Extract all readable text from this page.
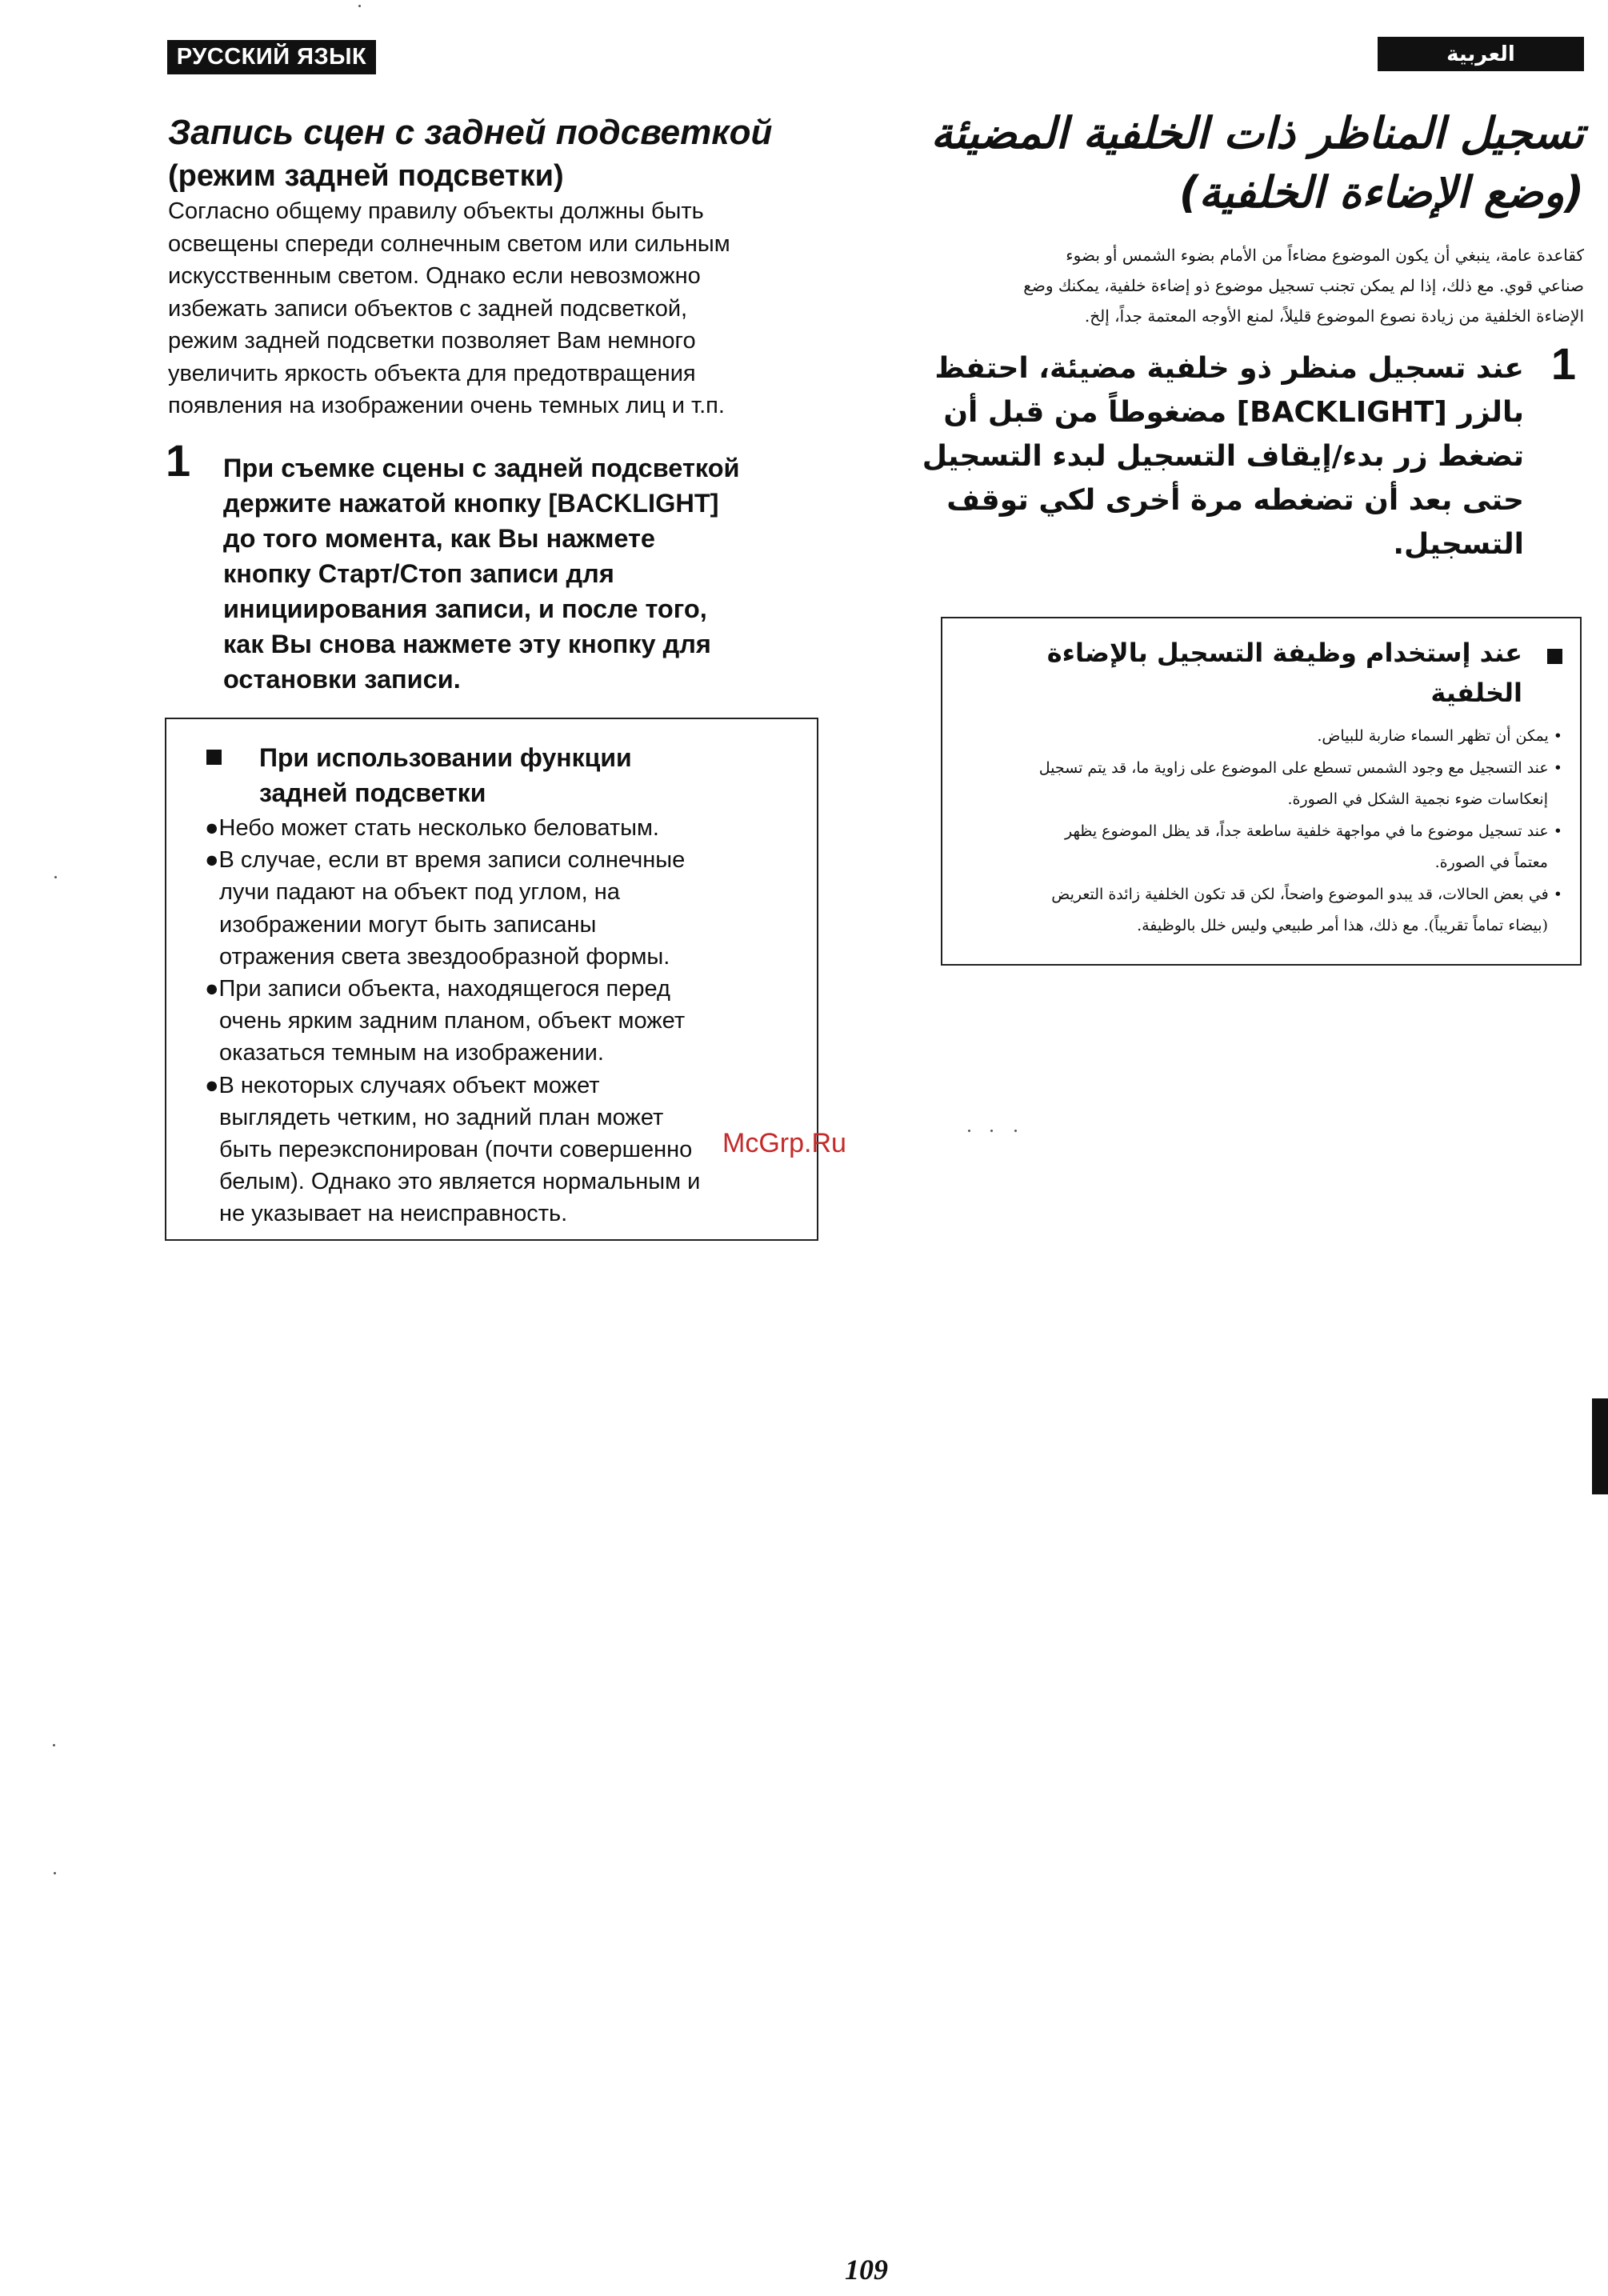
РУССКИЙ ЯЗЫК	العربية
Запись сцен с задней подсветкой
(режим задней подсветки)

Согласно общему правилу объекты должны быть

освещены спереди солнечным светом или сильным

искусственным светом. Однако если невозможно

избежать записи объектов с задней подсветкой,

режим задней подсветки позволяет Вам немного

увеличить яркость объекта для предотвращения

появления на изображении очень темных лиц и т.п.

1 При съемке сцены с задней подсветкой

держите нажатой кнопку [BACKLIGHT]

до того момента, как Вы нажмете

кнопку Старт/Стоп записи для

инициирования записи, и после того,

как Вы снова нажмете эту кнопку для

остановки записи.

При использовании функции
задней подсветки

●Небо может стать несколько беловатым.

●В случае, если вт время записи солнечные

лучи падают на объект под углом, на

изображении могут быть записаны

отражения света звездообразной формы.

●При записи объекта, находящегося перед

очень ярким задним планом, объект может

оказаться темным на изображении.

●В некоторых случаях объект может

выглядеть четким, но задний план может

быть переэкспонирован (почти совершенно

белым). Однако это является нормальным и

не указывает на неисправность.

تسجيل المناظر ذات الخلفية المضيئة

(وضع الإضاءة الخلفية)

كقاعدة عامة، ينبغي أن يكون الموضوع مضاءاً من الأمام بضوء الشمس أو بضوء

صناعي قوي. مع ذلك، إذا لم يمكن تجنب تسجيل موضوع ذو إضاءة خلفية، يمكنك وضع

الإضاءة الخلفية من زيادة نصوع الموضوع قليلاً، لمنع الأوجه المعتمة جداً، إلخ.

1

عند تسجيل منظر ذو خلفية مضيئة، احتفظ

بالزر [BACKLIGHT] مضغوطاً من قبل أن

تضغط زر بدء/إيقاف التسجيل لبدء التسجيل

حتى بعد أن تضغطه مرة أخرى لكي توقف

التسجيل.

عند إستخدام وظيفة التسجيل بالإضاءة

الخلفية

• يمكن أن تظهر السماء ضاربة للبياض.

• عند التسجيل مع وجود الشمس تسطع على الموضوع على زاوية ما، قد يتم تسجيل

إنعكاسات ضوء نجمية الشكل في الصورة.

• عند تسجيل موضوع ما في مواجهة خلفية ساطعة جداً، قد يظل الموضوع يظهر

معتماً في الصورة.

• في بعض الحالات، قد يبدو الموضوع واضحاً، لكن قد تكون الخلفية زائدة التعريض

(بيضاء تماماً تقريباً). مع ذلك، هذا أمر طبيعي وليس خلل بالوظيفة.

McGrp.Ru
109
